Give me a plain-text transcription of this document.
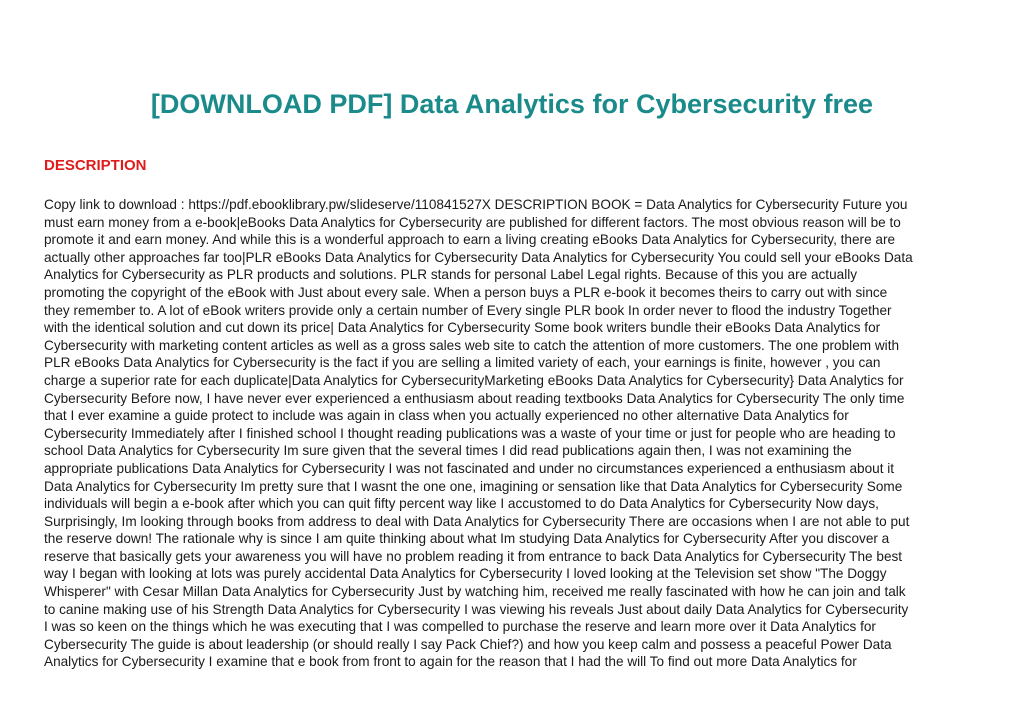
[DOWNLOAD PDF] Data Analytics for Cybersecurity free
DESCRIPTION
Copy link to download : https://pdf.ebooklibrary.pw/slideserve/110841527X DESCRIPTION BOOK = Data Analytics for Cybersecurity Future you
must earn money from a e-book|eBooks Data Analytics for Cybersecurity are published for different factors. The most obvious reason will be to
promote it and earn money. And while this is a wonderful approach to earn a living creating eBooks Data Analytics for Cybersecurity, there are
actually other approaches far too|PLR eBooks Data Analytics for Cybersecurity Data Analytics for Cybersecurity You could sell your eBooks Data
Analytics for Cybersecurity as PLR products and solutions. PLR stands for personal Label Legal rights. Because of this you are actually
promoting the copyright of the eBook with Just about every sale. When a person buys a PLR e-book it becomes theirs to carry out with since
they remember to. A lot of eBook writers provide only a certain number of Every single PLR book In order never to flood the industry Together
with the identical solution and cut down its price| Data Analytics for Cybersecurity Some book writers bundle their eBooks Data Analytics for
Cybersecurity with marketing content articles as well as a gross sales web site to catch the attention of more customers. The one problem with
PLR eBooks Data Analytics for Cybersecurity is the fact if you are selling a limited variety of each, your earnings is finite, however , you can
charge a superior rate for each duplicate|Data Analytics for CybersecurityMarketing eBooks Data Analytics for Cybersecurity} Data Analytics for
Cybersecurity Before now, I have never ever experienced a enthusiasm about reading textbooks Data Analytics for Cybersecurity The only time
that I ever examine a guide protect to include was again in class when you actually experienced no other alternative Data Analytics for
Cybersecurity Immediately after I finished school I thought reading publications was a waste of your time or just for people who are heading to
school Data Analytics for Cybersecurity Im sure given that the several times I did read publications again then, I was not examining the
appropriate publications Data Analytics for Cybersecurity I was not fascinated and under no circumstances experienced a enthusiasm about it
Data Analytics for Cybersecurity Im pretty sure that I wasnt the one one, imagining or sensation like that Data Analytics for Cybersecurity Some
individuals will begin a e-book after which you can quit fifty percent way like I accustomed to do Data Analytics for Cybersecurity Now days,
Surprisingly, Im looking through books from address to deal with Data Analytics for Cybersecurity There are occasions when I are not able to put
the reserve down! The rationale why is since I am quite thinking about what Im studying Data Analytics for Cybersecurity After you discover a
reserve that basically gets your awareness you will have no problem reading it from entrance to back Data Analytics for Cybersecurity The best
way I began with looking at lots was purely accidental Data Analytics for Cybersecurity I loved looking at the Television set show "The Doggy
Whisperer" with Cesar Millan Data Analytics for Cybersecurity Just by watching him, received me really fascinated with how he can join and talk
to canine making use of his Strength Data Analytics for Cybersecurity I was viewing his reveals Just about daily Data Analytics for Cybersecurity
I was so keen on the things which he was executing that I was compelled to purchase the reserve and learn more over it Data Analytics for
Cybersecurity The guide is about leadership (or should really I say Pack Chief?) and how you keep calm and possess a peaceful Power Data
Analytics for Cybersecurity I examine that e book from front to again for the reason that I had the will To find out more Data Analytics for
